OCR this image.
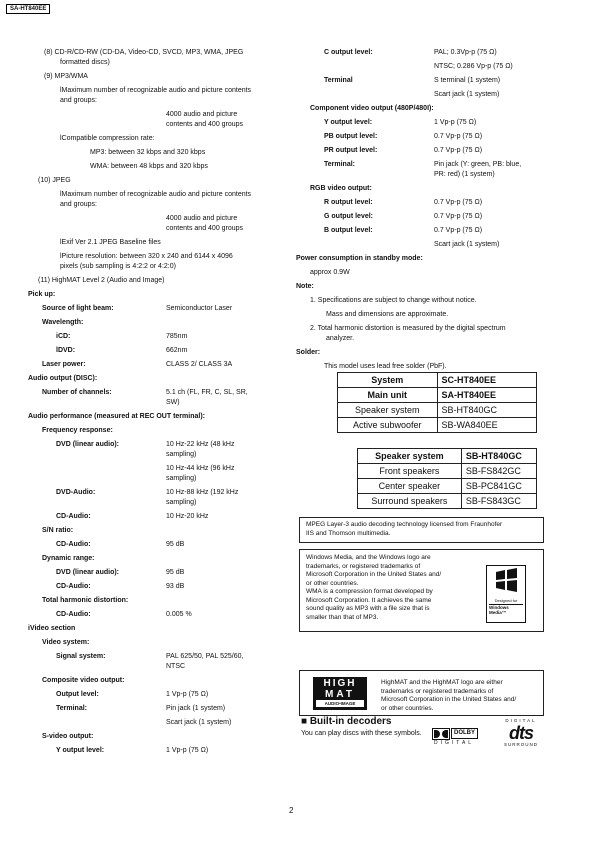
SA-HT840EE
(8) CD-R/CD-RW (CD-DA, Video-CD, SVCD, MP3, WMA, JPEG
formatted discs)
(9) MP3/WMA
lMaximum number of recognizable audio and picture contents
and groups:
4000 audio and picture
contents and 400 groups
lCompatible compression rate:
MP3: between 32 kbps and 320 kbps
WMA: between 48 kbps and 320 kbps
(10) JPEG
lMaximum number of recognizable audio and picture contents
and groups:
4000 audio and picture
contents and 400 groups
lExif Ver 2.1 JPEG Baseline files
lPicture resolution: between 320 x 240 and 6144 x 4096
pixels (sub sampling is 4:2:2 or 4:2:0)
(11) HighMAT Level 2 (Audio and Image)
Pick up:
Source of light beam:	Semiconductor Laser
Wavelength:
iCD:	785nm
lDVD:	662nm
Laser power:	CLASS 2/ CLASS 3A
Audio output (DISC):
Number of channels:	5.1 ch (FL, FR, C, SL, SR,
SW)
Audio performance (measured at REC OUT terminal):
Frequency response:
DVD (linear audio):	10 Hz-22 kHz (48 kHz
sampling)
10 Hz-44 kHz (96 kHz
sampling)
DVD-Audio:	10 Hz-88 kHz (192 kHz
sampling)
CD-Audio:	10 Hz-20 kHz
S/N ratio:
CD-Audio:	95 dB
Dynamic range:
DVD (linear audio):	95 dB
CD-Audio:	93 dB
Total harmonic distortion:
CD-Audio:	0.005 %
iVideo section
Video system:
Signal system:	PAL 625/50, PAL 525/60,
NTSC
Composite video output:
Output level:	1 Vp-p (75 Ω)
Terminal:	Pin jack (1 system)
Scart jack (1 system)
S-video output:
Y output level:	1 Vp-p (75 Ω)
C output level:	PAL; 0.3Vp-p (75 Ω)
NTSC; 0.286 Vp-p (75 Ω)
Terminal	S terminal (1 system)
Scart jack (1 system)
Component video output (480P/480I):
Y output level:	1 Vp-p (75 Ω)
PB output level:	0.7 Vp-p (75 Ω)
PR output level:	0.7 Vp-p (75 Ω)
Terminal:	Pin jack (Y: green, PB: blue,
PR: red) (1 system)
RGB video output:
R output level:	0.7 Vp-p (75 Ω)
G output level:	0.7 Vp-p (75 Ω)
B output level:	0.7 Vp-p (75 Ω)
Scart jack (1 system)
Power consumption in standby mode:
approx 0.9W
Note:
1. Specifications are subject to change without notice.
Mass and dimensions are approximate.
2. Total harmonic distortion is measured by the digital spectrum
analyzer.
Solder:
This model uses lead free solder (PbF).
System	SC-HT840EE
Main unit	SA-HT840EE
Speaker system	SB-HT840GC
Active subwoofer	SB-WA840EE
Speaker system	SB-HT840GC
Front speakers	SB-FS842GC
Center speaker	SB-PC841GC
Surround speakers	SB-FS843GC
MPEG Layer-3 audio decoding technology licensed from Fraunhofer
IIS and Thomson multimedia.
Windows Media, and the Windows logo are
trademarks, or registered trademarks of
Microsoft Corporation in the United States and/
or other countries.
WMA is a compression format developed by
Microsoft Corporation. It achieves the same
sound quality as MP3 with a file size that is
smaller than that of MP3.
Designed for
Windows
Media™
HighMAT and the HighMAT logo are either
trademarks or registered trademarks of
Microsoft Corporation in the United States and/
or other countries.
HIGH
MAT
AUDIO•IMAGE
■ Built-in decoders
You can play discs with these symbols.	DOLBY
DIGITAL
DIGITAL
dts
SURROUND
2
